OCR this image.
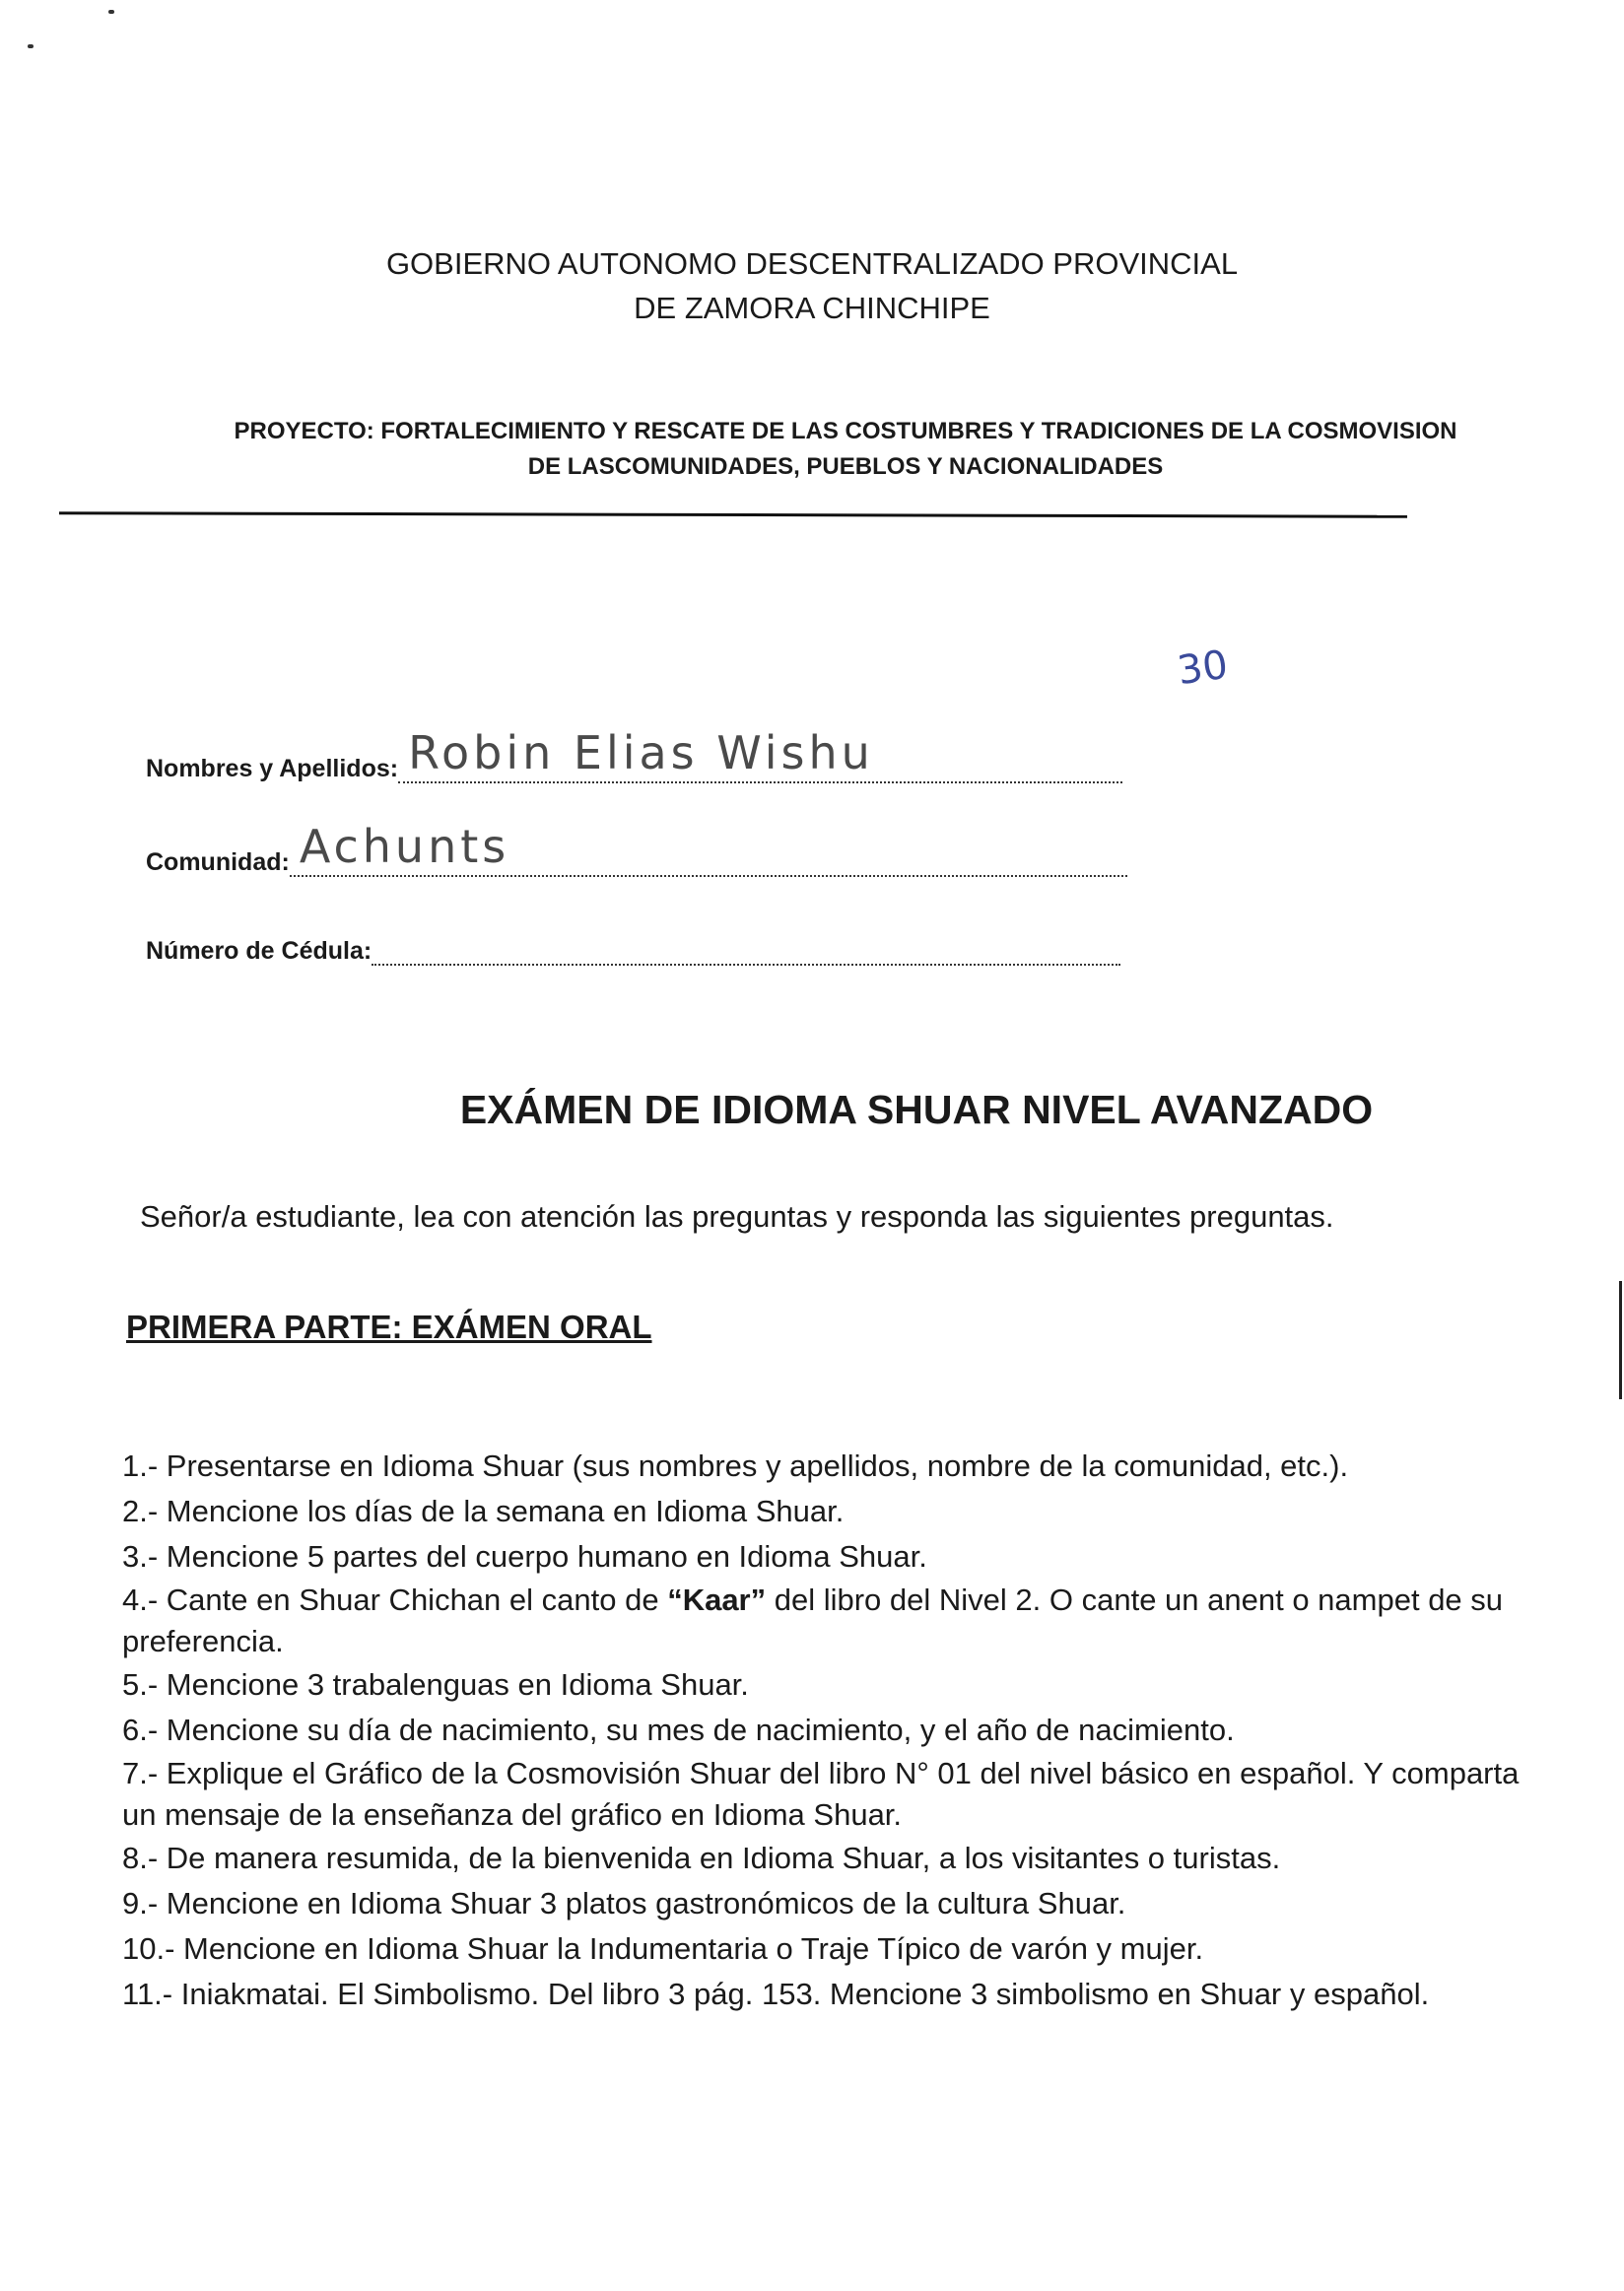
GOBIERNO AUTONOMO DESCENTRALIZADO PROVINCIAL
DE ZAMORA CHINCHIPE
PROYECTO: FORTALECIMIENTO Y RESCATE DE LAS COSTUMBRES Y TRADICIONES DE LA COSMOVISION
DE LASCOMUNIDADES, PUEBLOS Y NACIONALIDADES
30
Nombres y Apellidos: Robin Elias Wishu
Comunidad: Achunts
Número de Cédula:
EXÁMEN DE IDIOMA SHUAR NIVEL AVANZADO
Señor/a estudiante, lea con atención las preguntas y responda las siguientes preguntas.
PRIMERA PARTE: EXÁMEN ORAL

1.- Presentarse en Idioma Shuar (sus nombres y apellidos, nombre de la comunidad, etc.).

2.- Mencione los días de la semana en Idioma Shuar.

3.- Mencione 5 partes del cuerpo humano en Idioma Shuar.

4.- Cante en Shuar Chichan el canto de “Kaar” del libro del Nivel 2. O cante un anent o nampet de su preferencia.

5.- Mencione 3 trabalenguas en Idioma Shuar.

6.- Mencione su día de nacimiento, su mes de nacimiento, y el año de nacimiento.

7.- Explique el Gráfico de la Cosmovisión Shuar del libro N° 01 del nivel básico en español. Y comparta un mensaje de la enseñanza del gráfico en Idioma Shuar.

8.- De manera resumida, de la bienvenida en Idioma Shuar, a los visitantes o turistas.

9.- Mencione en Idioma Shuar 3 platos gastronómicos de la cultura Shuar.

10.- Mencione en Idioma Shuar la Indumentaria o Traje Típico de varón y mujer.

11.- Iniakmatai. El Simbolismo. Del libro 3 pág. 153. Mencione 3 simbolismo en Shuar y español.
